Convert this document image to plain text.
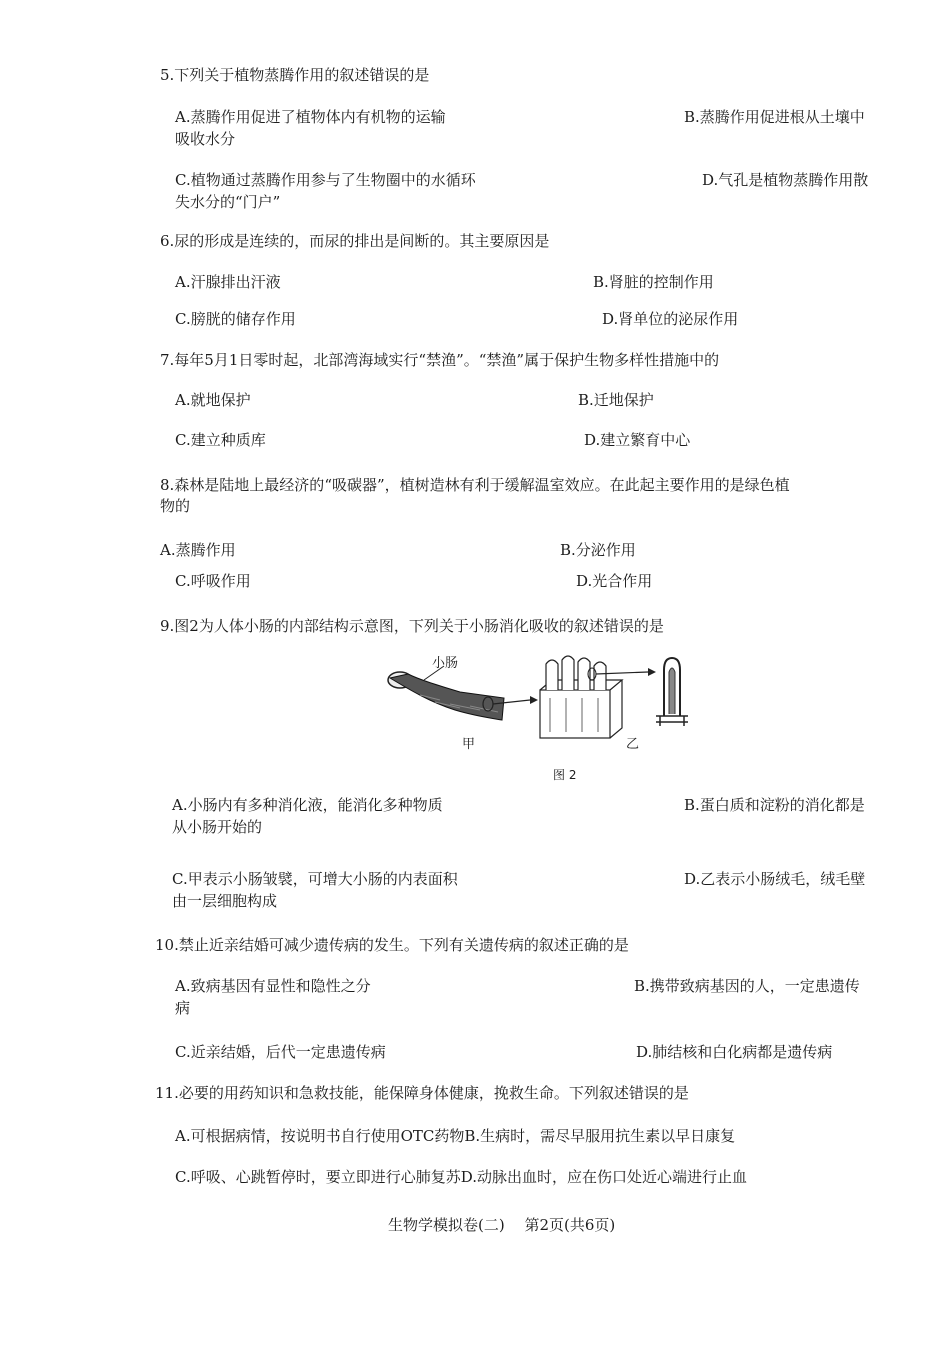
5.下列关于植物蒸腾作用的叙述错误的是
A.蒸腾作用促进了植物体内有机物的运输	B.蒸腾作用促进根从土壤中
吸收水分
C.植物通过蒸腾作用参与了生物圈中的水循环	D.气孔是植物蒸腾作用散
失水分的“门户”
6.尿的形成是连续的，而尿的排出是间断的。其主要原因是
A.汗腺排出汗液	B.肾脏的控制作用
C.膀胱的储存作用	D.肾单位的泌尿作用
7.每年5月1日零时起，北部湾海域实行“禁渔”。“禁渔”属于保护生物多样性措施中的
A.就地保护	B.迁地保护
C.建立种质库	D.建立繁育中心
8.森林是陆地上最经济的“吸碳器”，植树造林有利于缓解温室效应。在此起主要作用的是绿色植
物的
A.蒸腾作用	B.分泌作用
C.呼吸作用	D.光合作用
9.图2为人体小肠的内部结构示意图，下列关于小肠消化吸收的叙述错误的是
小肠
甲	乙
图 2
A.小肠内有多种消化液，能消化多种物质	B.蛋白质和淀粉的消化都是
从小肠开始的
C.甲表示小肠皱襞，可增大小肠的内表面积	D.乙表示小肠绒毛，绒毛壁
由一层细胞构成
10.禁止近亲结婚可减少遗传病的发生。下列有关遗传病的叙述正确的是
A.致病基因有显性和隐性之分	B.携带致病基因的人，一定患遗传
病
C.近亲结婚，后代一定患遗传病	D.肺结核和白化病都是遗传病
11.必要的用药知识和急救技能，能保障身体健康，挽救生命。下列叙述错误的是
A.可根据病情，按说明书自行使用OTC药物B.生病时，需尽早服用抗生素以早日康复
C.呼吸、心跳暂停时，要立即进行心肺复苏D.动脉出血时，应在伤口处近心端进行止血
生物学模拟卷(二)　 第2页(共6页)
